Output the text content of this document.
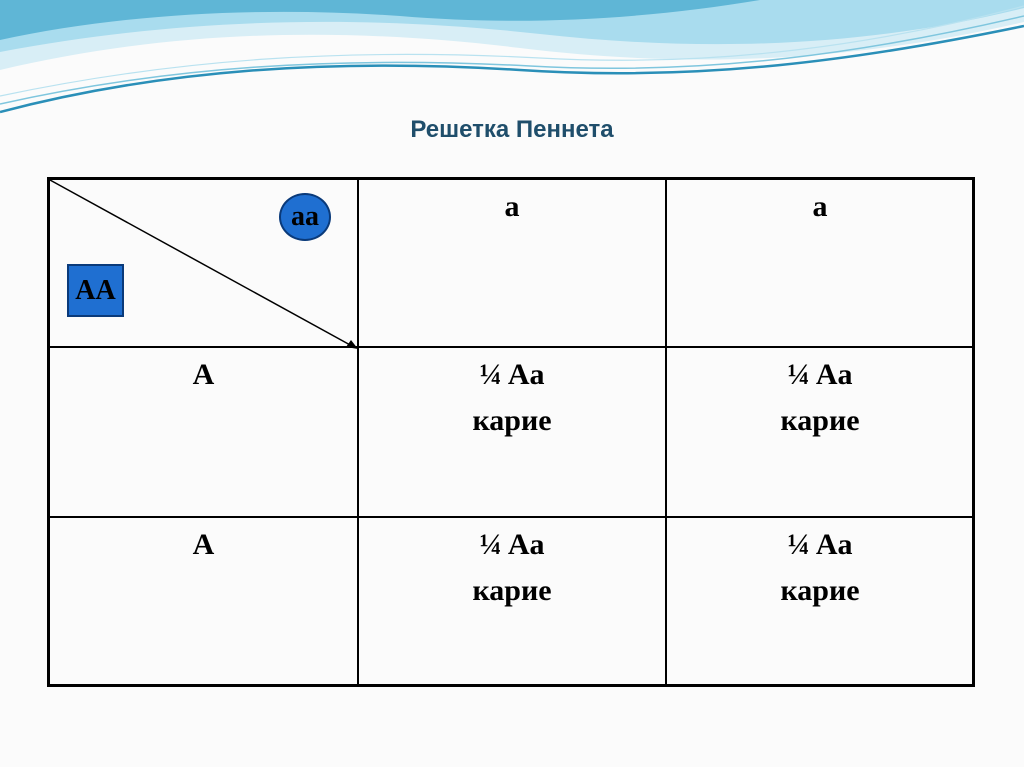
Решетка Пеннета
aa
AA
a	a
A
A
¼ Aa
карие
¼ Aa
карие
¼ Aa
карие
¼ Aa
карие
